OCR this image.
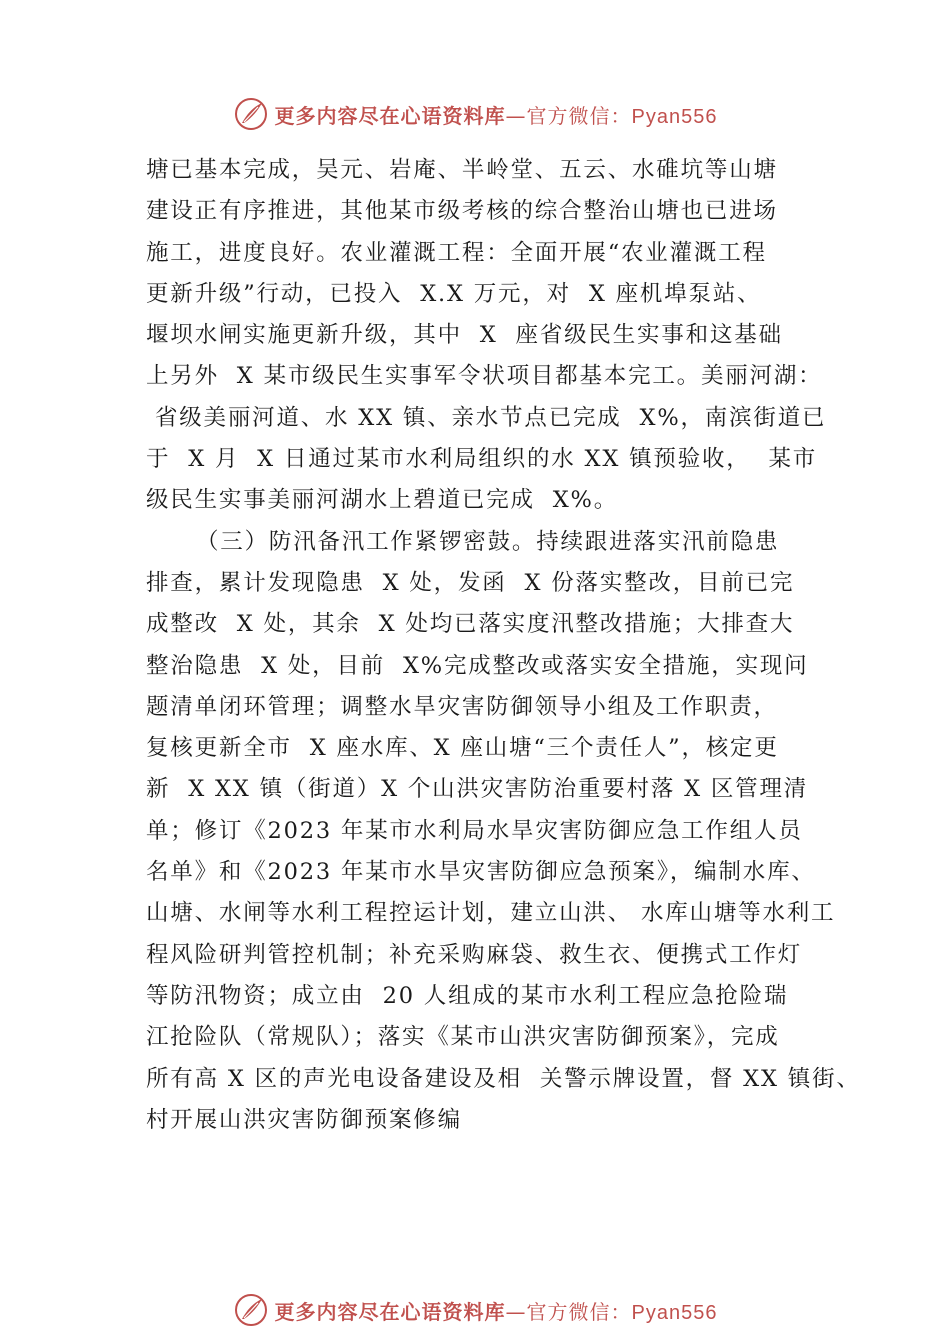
更多内容尽在心语资料库—官方微信：Pyan556
塘已基本完成，吴元、岩庵、半岭堂、五云、水碓坑等山塘
建设正有序推进，其他某市级考核的综合整治山塘也已进场
施工，进度良好。农业灌溉工程：全面开展“农业灌溉工程
更新升级”行动，已投入  X.X 万元，对  X 座机埠泵站、
堰坝水闸实施更新升级，其中  X  座省级民生实事和这基础
上另外  X 某市级民生实事军令状项目都基本完工。美丽河湖：
省级美丽河道、水 XX 镇、亲水节点已完成  X%，南滨街道已
于  X 月  X 日通过某市水利局组织的水 XX 镇预验收，  某市
级民生实事美丽河湖水上碧道已完成  X%。
（三）防汛备汛工作紧锣密鼓。持续跟进落实汛前隐患
排查，累计发现隐患  X 处，发函  X 份落实整改，目前已完
成整改  X 处，其余  X 处均已落实度汛整改措施；大排查大
整治隐患  X 处，目前  X%完成整改或落实安全措施，实现问
题清单闭环管理；调整水旱灾害防御领导小组及工作职责，
复核更新全市  X 座水库、X 座山塘“三个责任人”，核定更
新  X XX 镇（街道）X 个山洪灾害防治重要村落 X 区管理清
单；修订《2023 年某市水利局水旱灾害防御应急工作组人员
名单》和《2023 年某市水旱灾害防御应急预案》，编制水库、
山塘、水闸等水利工程控运计划，建立山洪、 水库山塘等水利工
程风险研判管控机制；补充采购麻袋、救生衣、便携式工作灯
等防汛物资；成立由  20 人组成的某市水利工程应急抢险瑞
江抢险队（常规队）；落实《某市山洪灾害防御预案》，完成
所有高 X 区的声光电设备建设及相  关警示牌设置，督 XX 镇街、
村开展山洪灾害防御预案修编
更多内容尽在心语资料库—官方微信：Pyan556
